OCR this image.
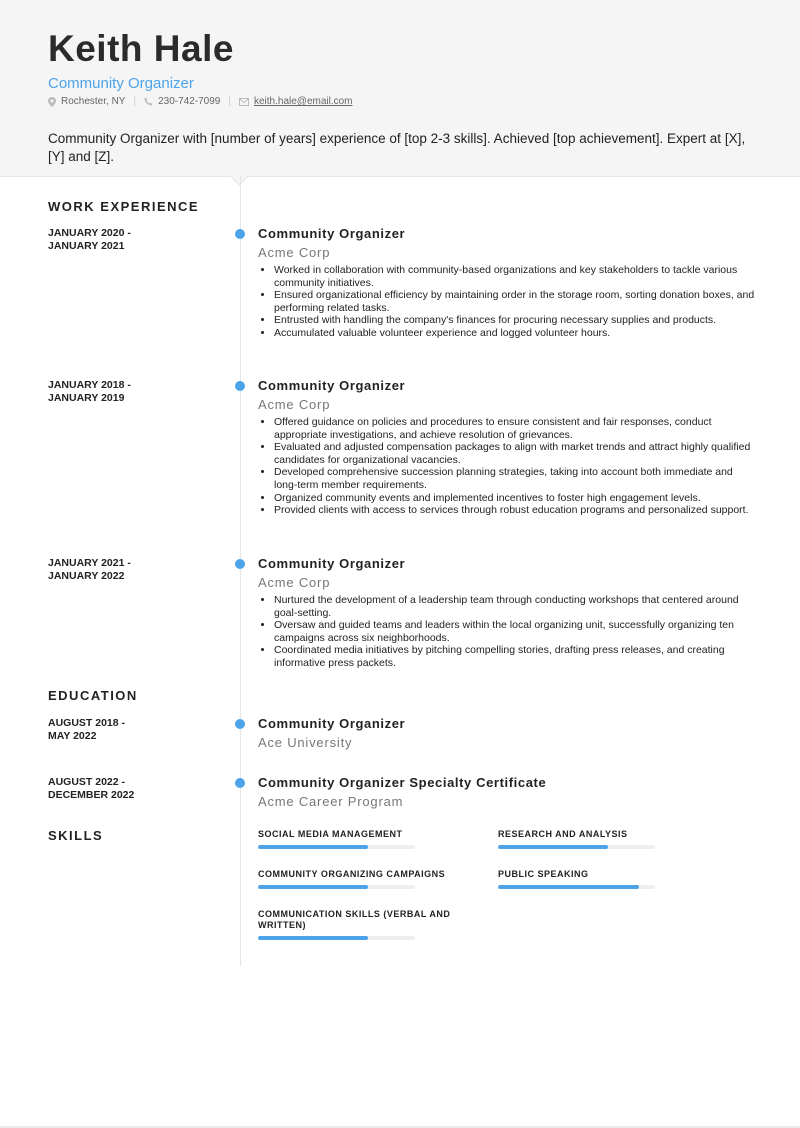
Keith Hale
Community Organizer
Rochester, NY | 230-742-7099 | keith.hale@email.com
Community Organizer with [number of years] experience of [top 2-3 skills]. Achieved [top achievement]. Expert at [X], [Y] and [Z].
WORK EXPERIENCE
JANUARY 2020 -
JANUARY 2021
Community Organizer
Acme Corp
• Worked in collaboration with community-based organizations and key stakeholders to tackle various community initiatives.
• Ensured organizational efficiency by maintaining order in the storage room, sorting donation boxes, and performing related tasks.
• Entrusted with handling the company's finances for procuring necessary supplies and products.
• Accumulated valuable volunteer experience and logged volunteer hours.
JANUARY 2018 -
JANUARY 2019
Community Organizer
Acme Corp
• Offered guidance on policies and procedures to ensure consistent and fair responses, conduct appropriate investigations, and achieve resolution of grievances.
• Evaluated and adjusted compensation packages to align with market trends and attract highly qualified candidates for organizational vacancies.
• Developed comprehensive succession planning strategies, taking into account both immediate and long-term member requirements.
• Organized community events and implemented incentives to foster high engagement levels.
• Provided clients with access to services through robust education programs and personalized support.
JANUARY 2021 -
JANUARY 2022
Community Organizer
Acme Corp
• Nurtured the development of a leadership team through conducting workshops that centered around goal-setting.
• Oversaw and guided teams and leaders within the local organizing unit, successfully organizing ten campaigns across six neighborhoods.
• Coordinated media initiatives by pitching compelling stories, drafting press releases, and creating informative press packets.
EDUCATION
AUGUST 2018 -
MAY 2022
Community Organizer
Ace University
AUGUST 2022 -
DECEMBER 2022
Community Organizer Specialty Certificate
Acme Career Program
SKILLS	SOCIAL MEDIA MANAGEMENT	RESEARCH AND ANALYSIS
COMMUNITY ORGANIZING CAMPAIGNS	PUBLIC SPEAKING
COMMUNICATION SKILLS (VERBAL AND WRITTEN)
